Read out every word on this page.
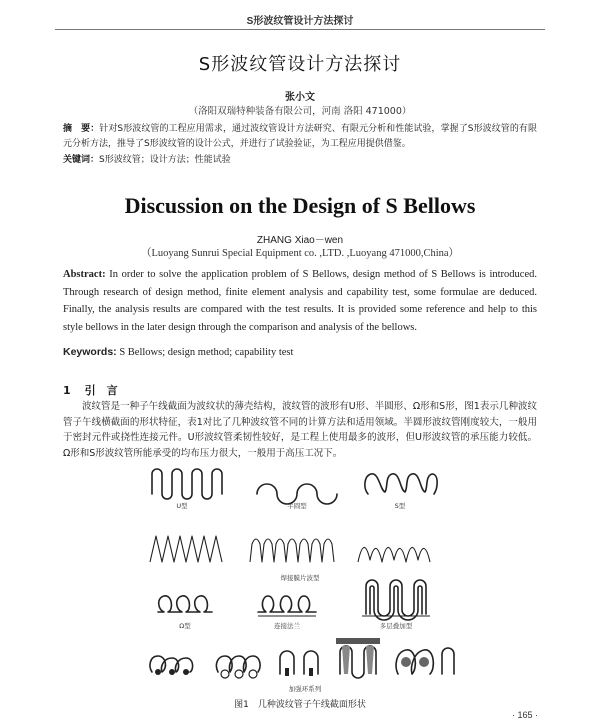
S形波纹管设计方法探讨
S形波纹管设计方法探讨
张小文
（洛阳双瑞特种装备有限公司，河南 洛阳 471000）
摘　要：针对S形波纹管的工程应用需求，通过波纹管设计方法研究、有限元分析和性能试验，掌握了S形波纹管的有限元分析方法，推导了S形波纹管的设计公式，并进行了试验验证，为工程应用提供借鉴。
关键词：S形波纹管；设计方法；性能试验
Discussion on the Design of S Bellows
ZHANG Xiao－wen
（Luoyang Sunrui Special Equipment co. ,LTD. ,Luoyang 471000,China）
Abstract: In order to solve the application problem of S Bellows, design method of S Bellows is introduced. Through research of design method, finite element analysis and capability test, some formulae are deduced. Finally, the analysis results are compared with the test results. It is provided some reference and help to this style bellows in the later design through the comparison and analysis of the bellows.
Keywords: S Bellows; design method; capability test
1 引　言
波纹管是一种子午线截面为波纹状的薄壳结构，波纹管的波形有U形、半圆形、Ω形和S形，图1表示几种波纹管子午线横截面的形状特征，表1对比了几种波纹管不同的计算方法和适用领域。半圆形波纹管刚度较大，一般用于密封元件或挠性连接元件。U形波纹管柔韧性较好，是工程上使用最多的波形，但U形波纹管的承压能力较低。Ω形和S形波纹管所能承受的均布压力很大，一般用于高压工况下。
U型	半圆型	S型
焊接膜片波型
Ω型	连接法兰	多层叠加型
加强环系列
图1　几种波纹管子午线截面形状
· 165 ·
